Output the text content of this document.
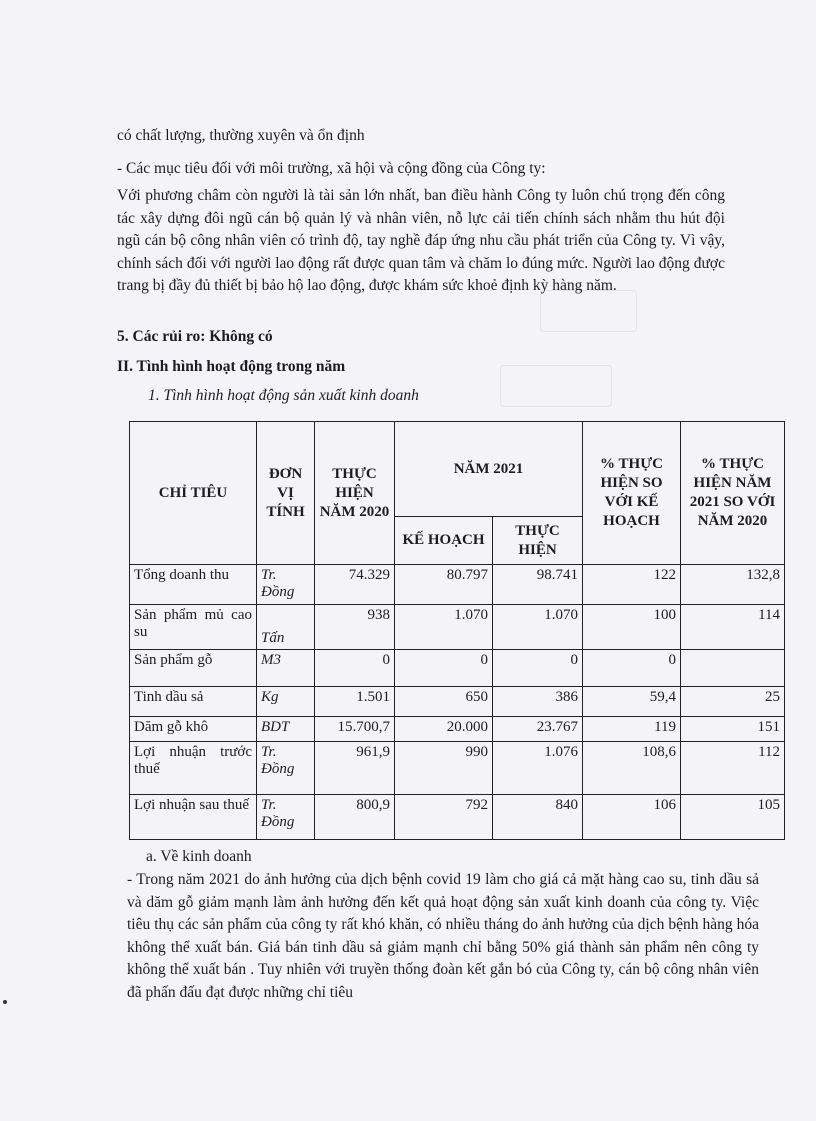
có chất lượng, thường xuyên và ổn định

- Các mục tiêu đối với môi trường, xã hội và cộng đồng của Công ty:

Với phương châm còn người là tài sản lớn nhất, ban điều hành Công ty luôn chú trọng đến công tác xây dựng đôi ngũ cán bộ quản lý và nhân viên, nỗ lực cải tiến chính sách nhằm thu hút đội ngũ cán bộ công nhân viên có trình độ, tay nghề đáp ứng nhu cầu phát triển của Công ty. Vì vậy, chính sách đối với người lao động rất được quan tâm và chăm lo đúng mức. Người lao động được trang bị đầy đủ thiết bị bảo hộ lao động, được khám sức khoẻ định kỳ hàng năm.

5. Các rủi ro: Không có

II. Tình hình hoạt động trong năm

1. Tình hình hoạt động sản xuất kinh doanh

CHỈ TIÊU	ĐƠN VỊ TÍNH	THỰC HIỆN NĂM 2020	NĂM 2021		% THỰC HIỆN SO VỚI KẾ HOẠCH	% THỰC HIỆN NĂM 2021 SO VỚI NĂM 2020
			KẾ HOẠCH	THỰC HIỆN		
Tổng doanh thu	Tr. Đồng	74.329	80.797	98.741	122	132,8
Sản phẩm mủ cao su	Tấn	938	1.070	1.070	100	114
Sản phẩm gỗ	M3	0	0	0	0	
Tinh dầu sả	Kg	1.501	650	386	59,4	25
Dăm gỗ khô	BDT	15.700,7	20.000	23.767	119	151
Lợi nhuận trước thuế	Tr. Đồng	961,9	990	1.076	108,6	112
Lợi nhuận sau thuế	Tr. Đồng	800,9	792	840	106	105

a. Về kinh doanh

- Trong năm 2021 do ảnh hưởng của dịch bệnh covid 19 làm cho giá cả mặt hàng cao su, tinh dầu sả và dăm gỗ giảm mạnh làm ảnh hưởng đến kết quả hoạt động sản xuất kinh doanh của công ty. Việc tiêu thụ các sản phẩm của công ty rất khó khăn, có nhiều tháng do ảnh hưởng của dịch bệnh hàng hóa không thể xuất bán. Giá bán tinh dầu sả giảm mạnh chỉ bằng 50% giá thành sản phẩm nên công ty không thể xuất bán . Tuy nhiên với truyền thống đoàn kết gắn bó của Công ty, cán bộ công nhân viên đã phấn đấu đạt được những chỉ tiêu
